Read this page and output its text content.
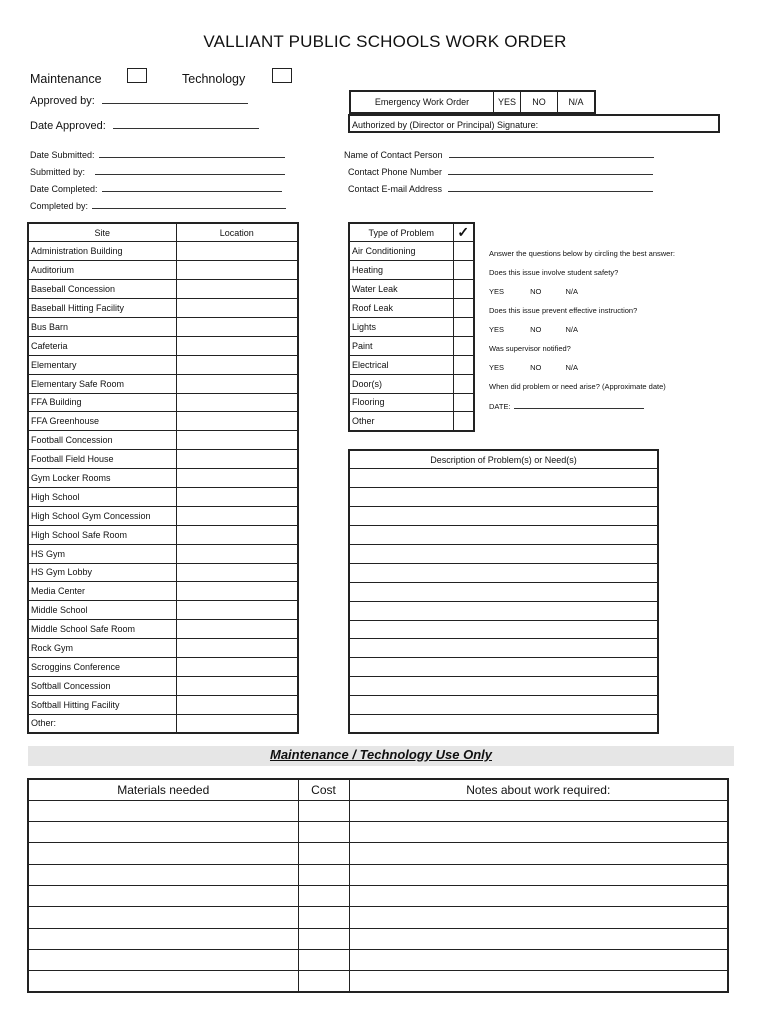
VALLIANT PUBLIC SCHOOLS WORK ORDER
Maintenance	Technology
Approved by:
Date Approved:
Emergency Work Order	YES	NO	N/A
Authorized by (Director or Principal) Signature:
Date Submitted:
Submitted by:
Date Completed:
Completed by:
Name of Contact Person
Contact Phone Number
Contact E-mail Address
Site	Location
Administration Building	
Auditorium	
Baseball Concession	
Baseball Hitting Facility	
Bus Barn	
Cafeteria	
Elementary	
Elementary Safe Room	
FFA Building	
FFA Greenhouse	
Football Concession	
Football Field House	
Gym Locker Rooms	
High School	
High School Gym Concession	
High School Safe Room	
HS Gym	
HS Gym Lobby	
Media Center	
Middle School	
Middle School Safe Room	
Rock Gym	
Scroggins Conference	
Softball Concession	
Softball Hitting Facility	
Other:	
Type of Problem	✓
Air Conditioning	
Heating	
Water Leak	
Roof Leak	
Lights	
Paint	
Electrical	
Door(s)	
Flooring	
Other	
Answer the questions below by circling the best answer:
Does this issue involve student safety?
YES	NO	N/A
Does this issue prevent effective instruction?
YES	NO	N/A
Was supervisor notified?
YES	NO	N/A
When did problem or need arise? (Approximate date)
DATE:
Description of Problem(s) or Need(s)

Maintenance / Technology Use Only
Materials needed	Cost	Notes about work required:
